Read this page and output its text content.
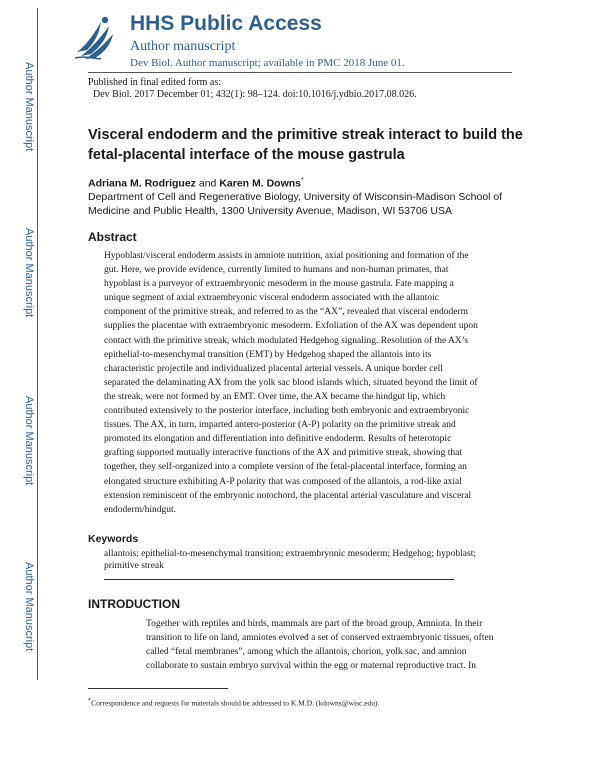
Author Manuscript
Author Manuscript
Author Manuscript
Author Manuscript
HHS Public Access
Author manuscript
Dev Biol. Author manuscript; available in PMC 2018 June 01.
Published in final edited form as:
Dev Biol. 2017 December 01; 432(1): 98–124. doi:10.1016/j.ydbio.2017.08.026.
Visceral endoderm and the primitive streak interact to build the fetal-placental interface of the mouse gastrula
Adriana M. Rodriguez and Karen M. Downs*
Department of Cell and Regenerative Biology, University of Wisconsin-Madison School of Medicine and Public Health, 1300 University Avenue, Madison, WI 53706 USA
Abstract
Hypoblast/visceral endoderm assists in amniote nutrition, axial positioning and formation of the
gut. Here, we provide evidence, currently limited to humans and non-human primates, that
hypoblast is a purveyor of extraembryonic mesoderm in the mouse gastrula. Fate mapping a
unique segment of axial extraembryonic visceral endoderm associated with the allantoic
component of the primitive streak, and referred to as the “AX”, revealed that visceral endoderm
supplies the placentae with extraembryonic mesoderm. Exfoliation of the AX was dependent upon
contact with the primitive streak, which modulated Hedgehog signaling. Resolution of the AX’s
epithelial-to-mesenchymal transition (EMT) by Hedgehog shaped the allantois into its
characteristic projectile and individualized placental arterial vessels. A unique border cell
separated the delaminating AX from the yolk sac blood islands which, situated beyond the limit of
the streak, were not formed by an EMT. Over time, the AX became the hindgut lip, which
contributed extensively to the posterior interface, including both embryonic and extraembryonic
tissues. The AX, in turn, imparted antero-posterior (A-P) polarity on the primitive streak and
promoted its elongation and differentiation into definitive endoderm. Results of heterotopic
grafting supported mutually interactive functions of the AX and primitive streak, showing that
together, they self-organized into a complete version of the fetal-placental interface, forming an
elongated structure exhibiting A-P polarity that was composed of the allantois, a rod-like axial
extension reminiscent of the embryonic notochord, the placental arterial vasculature and visceral
endoderm/hindgut.
Keywords
allantois; epithelial-to-mesenchymal transition; extraembryonic mesoderm; Hedgehog; hypoblast;
primitive streak
INTRODUCTION
Together with reptiles and birds, mammals are part of the broad group, Amniota. In their
transition to life on land, amniotes evolved a set of conserved extraembryonic tissues, often
called “fetal membranes”, among which the allantois, chorion, yolk sac, and amnion
collaborate to sustain embryo survival within the egg or maternal reproductive tract. In
*Correspondence and requests for materials should be addressed to K.M.D. (kdowns@wisc.edu).
